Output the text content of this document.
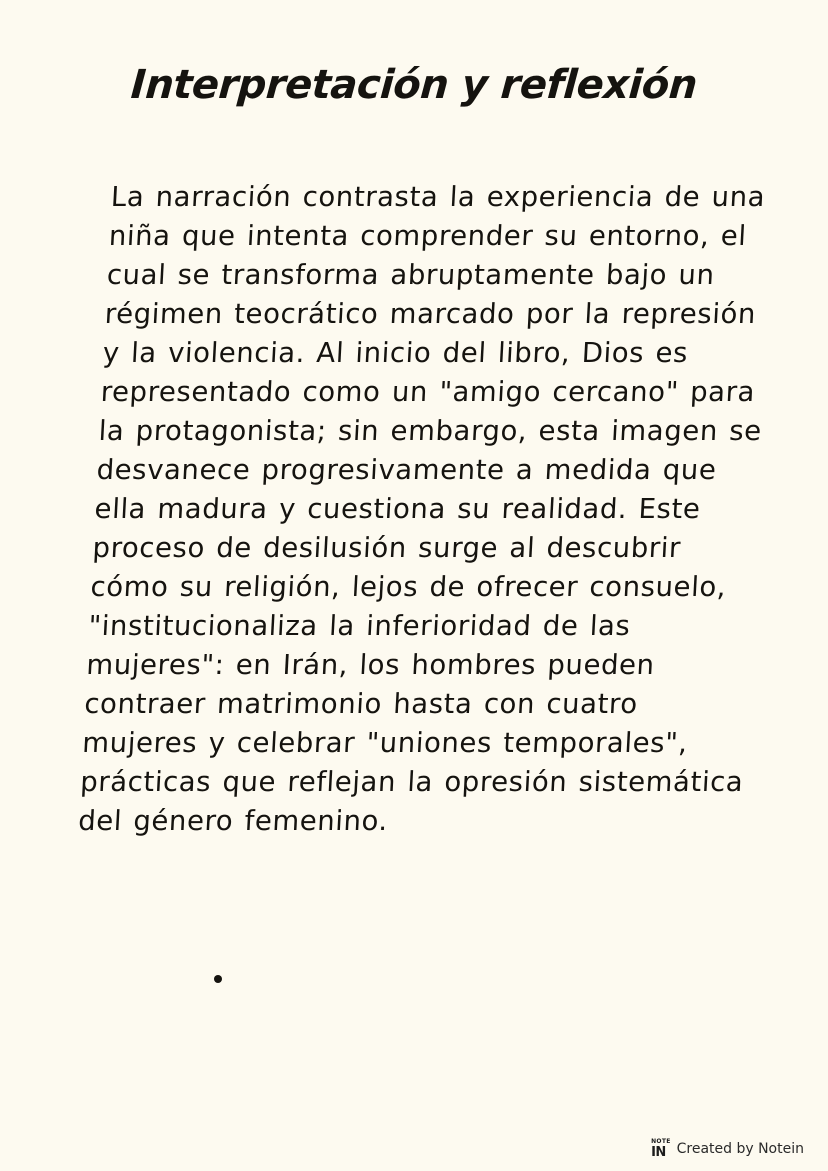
Interpretación y reflexión
La narración contrasta la experiencia de una niña que intenta comprender su entorno, el cual se transforma abruptamente bajo un régimen teocrático marcado por la represión y la violencia. Al inicio del libro, Dios es representado como un "amigo cercano" para la protagonista; sin embargo, esta imagen se desvanece progresivamente a medida que ella madura y cuestiona su realidad. Este proceso de desilusión surge al descubrir cómo su religión, lejos de ofrecer consuelo, "institucionaliza la inferioridad de las mujeres": en Irán, los hombres pueden contraer matrimonio hasta con cuatro mujeres y celebrar "uniones temporales", prácticas que reflejan la opresión sistemática del género femenino.
NOTE
IN Created by Notein
